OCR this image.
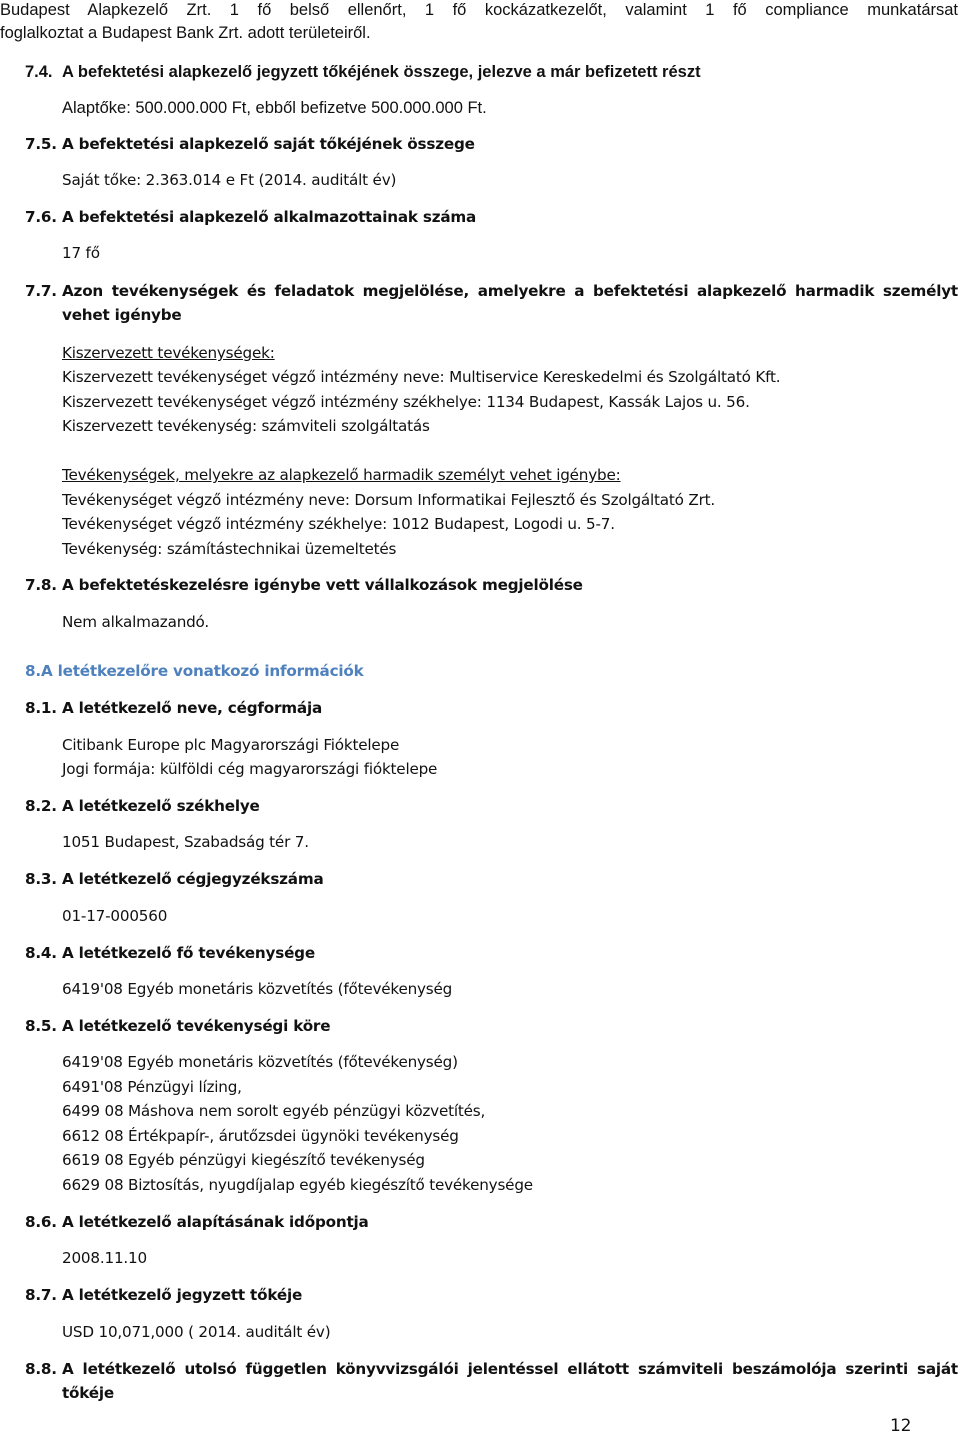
Budapest Alapkezelő Zrt. 1 fő belső ellenőrt, 1 fő kockázatkezelőt, valamint 1 fő compliance munkatársat
foglalkoztat a Budapest Bank Zrt. adott területeiről.
7.4. A befektetési alapkezelő jegyzett tőkéjének összege, jelezve a már befizetett részt
Alaptőke: 500.000.000 Ft, ebből befizetve 500.000.000 Ft.
7.5. A befektetési alapkezelő saját tőkéjének összege
Saját tőke: 2.363.014 e Ft (2014. auditált év)
7.6. A befektetési alapkezelő alkalmazottainak száma
17 fő
7.7. Azon tevékenységek és feladatok megjelölése, amelyekre a befektetési alapkezelő harmadik személyt
vehet igénybe
Kiszervezett tevékenységek:
Kiszervezett tevékenységet végző intézmény neve: Multiservice Kereskedelmi és Szolgáltató Kft.
Kiszervezett tevékenységet végző intézmény székhelye: 1134 Budapest, Kassák Lajos u. 56.
Kiszervezett tevékenység: számviteli szolgáltatás
Tevékenységek, melyekre az alapkezelő harmadik személyt vehet igénybe:
Tevékenységet végző intézmény neve: Dorsum Informatikai Fejlesztő és Szolgáltató Zrt.
Tevékenységet végző intézmény székhelye: 1012 Budapest, Logodi u. 5-7.
Tevékenység: számítástechnikai üzemeltetés
7.8. A befektetéskezelésre igénybe vett vállalkozások megjelölése
Nem alkalmazandó.
8. A letétkezelőre vonatkozó információk
8.1. A letétkezelő neve, cégformája
Citibank Europe plc Magyarországi Fióktelepe
Jogi formája: külföldi cég magyarországi fióktelepe
8.2. A letétkezelő székhelye
1051 Budapest, Szabadság tér 7.
8.3. A letétkezelő cégjegyzékszáma
01-17-000560
8.4. A letétkezelő fő tevékenysége
6419'08 Egyéb monetáris közvetítés (főtevékenység
8.5. A letétkezelő tevékenységi köre
6419'08 Egyéb monetáris közvetítés (főtevékenység)
6491'08 Pénzügyi lízing,
6499 08 Máshova nem sorolt egyéb pénzügyi közvetítés,
6612 08 Értékpapír-, árutőzsdei ügynöki tevékenység
6619 08 Egyéb pénzügyi kiegészítő tevékenység
6629 08 Biztosítás, nyugdíjalap egyéb kiegészítő tevékenysége
8.6. A letétkezelő alapításának időpontja
2008.11.10
8.7. A letétkezelő jegyzett tőkéje
USD 10,071,000 ( 2014. auditált év)
8.8. A letétkezelő utolsó független könyvvizsgálói jelentéssel ellátott számviteli beszámolója szerinti saját
tőkéje
12
